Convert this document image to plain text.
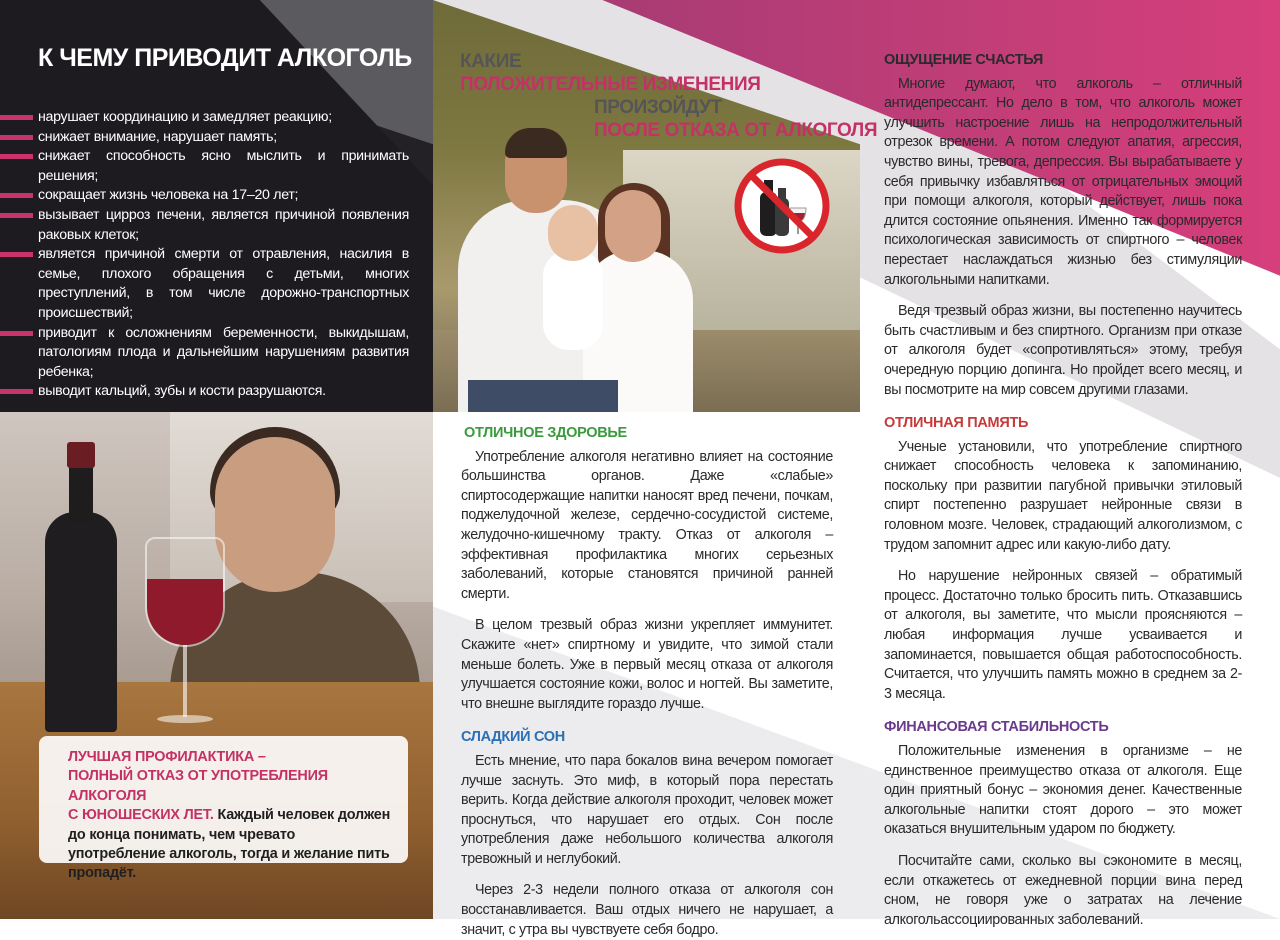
К ЧЕМУ ПРИВОДИТ АЛКОГОЛЬ
нарушает координацию и замедляет реакцию;
снижает внимание, нарушает память;
снижает способность ясно мыслить и принимать решения;
сокращает жизнь человека на 17–20 лет;
вызывает цирроз печени, является причиной появления раковых клеток;
является причиной смерти от отравления, насилия в семье, плохого обращения с детьми, многих преступлений, в том числе дорожно-транспортных происшествий;
приводит к осложнениям беременности, выкидышам, патологиям плода и дальнейшим нарушениям развития ребенка;
выводит кальций, зубы и кости разрушаются.
ЛУЧШАЯ ПРОФИЛАКТИКА –
ПОЛНЫЙ ОТКАЗ ОТ УПОТРЕБЛЕНИЯ АЛКОГОЛЯ
С ЮНОШЕСКИХ ЛЕТ. Каждый человек должен до конца понимать, чем чревато употребление алкоголь, тогда и желание пить пропадёт.
КАКИЕ
ПОЛОЖИТЕЛЬНЫЕ ИЗМЕНЕНИЯ
ПРОИЗОЙДУТ
ПОСЛЕ ОТКАЗА ОТ АЛКОГОЛЯ
ОТЛИЧНОЕ ЗДОРОВЬЕ

Употребление алкоголя негативно влияет на состояние большинства органов. Даже «слабые» спиртосодержащие напитки наносят вред печени, почкам, поджелудочной железе, сердечно-сосудистой системе, желудочно-кишечному тракту. Отказ от алкоголя – эффективная профилактика многих серьезных заболеваний, которые становятся причиной ранней смерти.

В целом трезвый образ жизни укрепляет иммунитет. Скажите «нет» спиртному и увидите, что зимой стали меньше болеть. Уже в первый месяц отказа от алкоголя улучшается состояние кожи, волос и ногтей. Вы заметите, что внешне выглядите гораздо лучше.

СЛАДКИЙ СОН

Есть мнение, что пара бокалов вина вечером помогает лучше заснуть. Это миф, в который пора перестать верить. Когда действие алкоголя проходит, человек может проснуться, что нарушает его отдых. Сон после употребления даже небольшого количества алкоголя тревожный и неглубокий.

Через 2-3 недели полного отказа от алкоголя сон восстанавливается. Ваш отдых ничего не нарушает, а значит, с утра вы чувствуете себя бодро.

ОЩУЩЕНИЕ СЧАСТЬЯ

Многие думают, что алкоголь – отличный антидепрессант. Но дело в том, что алкоголь может улучшить настроение лишь на непродолжительный отрезок времени. А потом следуют апатия, агрессия, чувство вины, тревога, депрессия. Вы вырабатываете у себя привычку избавляться от отрицательных эмоций при помощи алкоголя, который действует, лишь пока длится состояние опьянения. Именно так формируется психологическая зависимость от спиртного – человек перестает наслаждаться жизнью без стимуляции алкогольными напитками.

Ведя трезвый образ жизни, вы постепенно научитесь быть счастливым и без спиртного. Организм при отказе от алкоголя будет «сопротивляться» этому, требуя очередную порцию допинга. Но пройдет всего месяц, и вы посмотрите на мир совсем другими глазами.

ОТЛИЧНАЯ ПАМЯТЬ

Ученые установили, что употребление спиртного снижает способность человека к запоминанию, поскольку при развитии пагубной привычки этиловый спирт постепенно разрушает нейронные связи в головном мозге. Человек, страдающий алкоголизмом, с трудом запомнит адрес или какую-либо дату.

Но нарушение нейронных связей – обратимый процесс. Достаточно только бросить пить. Отказавшись от алкоголя, вы заметите, что мысли проясняются – любая информация лучше усваивается и запоминается, повышается общая работоспособность. Считается, что улучшить память можно в среднем за 2-3 месяца.

ФИНАНСОВАЯ СТАБИЛЬНОСТЬ

Положительные изменения в организме – не единственное преимущество отказа от алкоголя. Еще один приятный бонус – экономия денег. Качественные алкогольные напитки стоят дорого – это может оказаться внушительным ударом по бюджету.

Посчитайте сами, сколько вы сэкономите в месяц, если откажетесь от ежедневной порции вина перед сном, не говоря уже о затратах на лечение алкогольассоциированных заболеваний.
